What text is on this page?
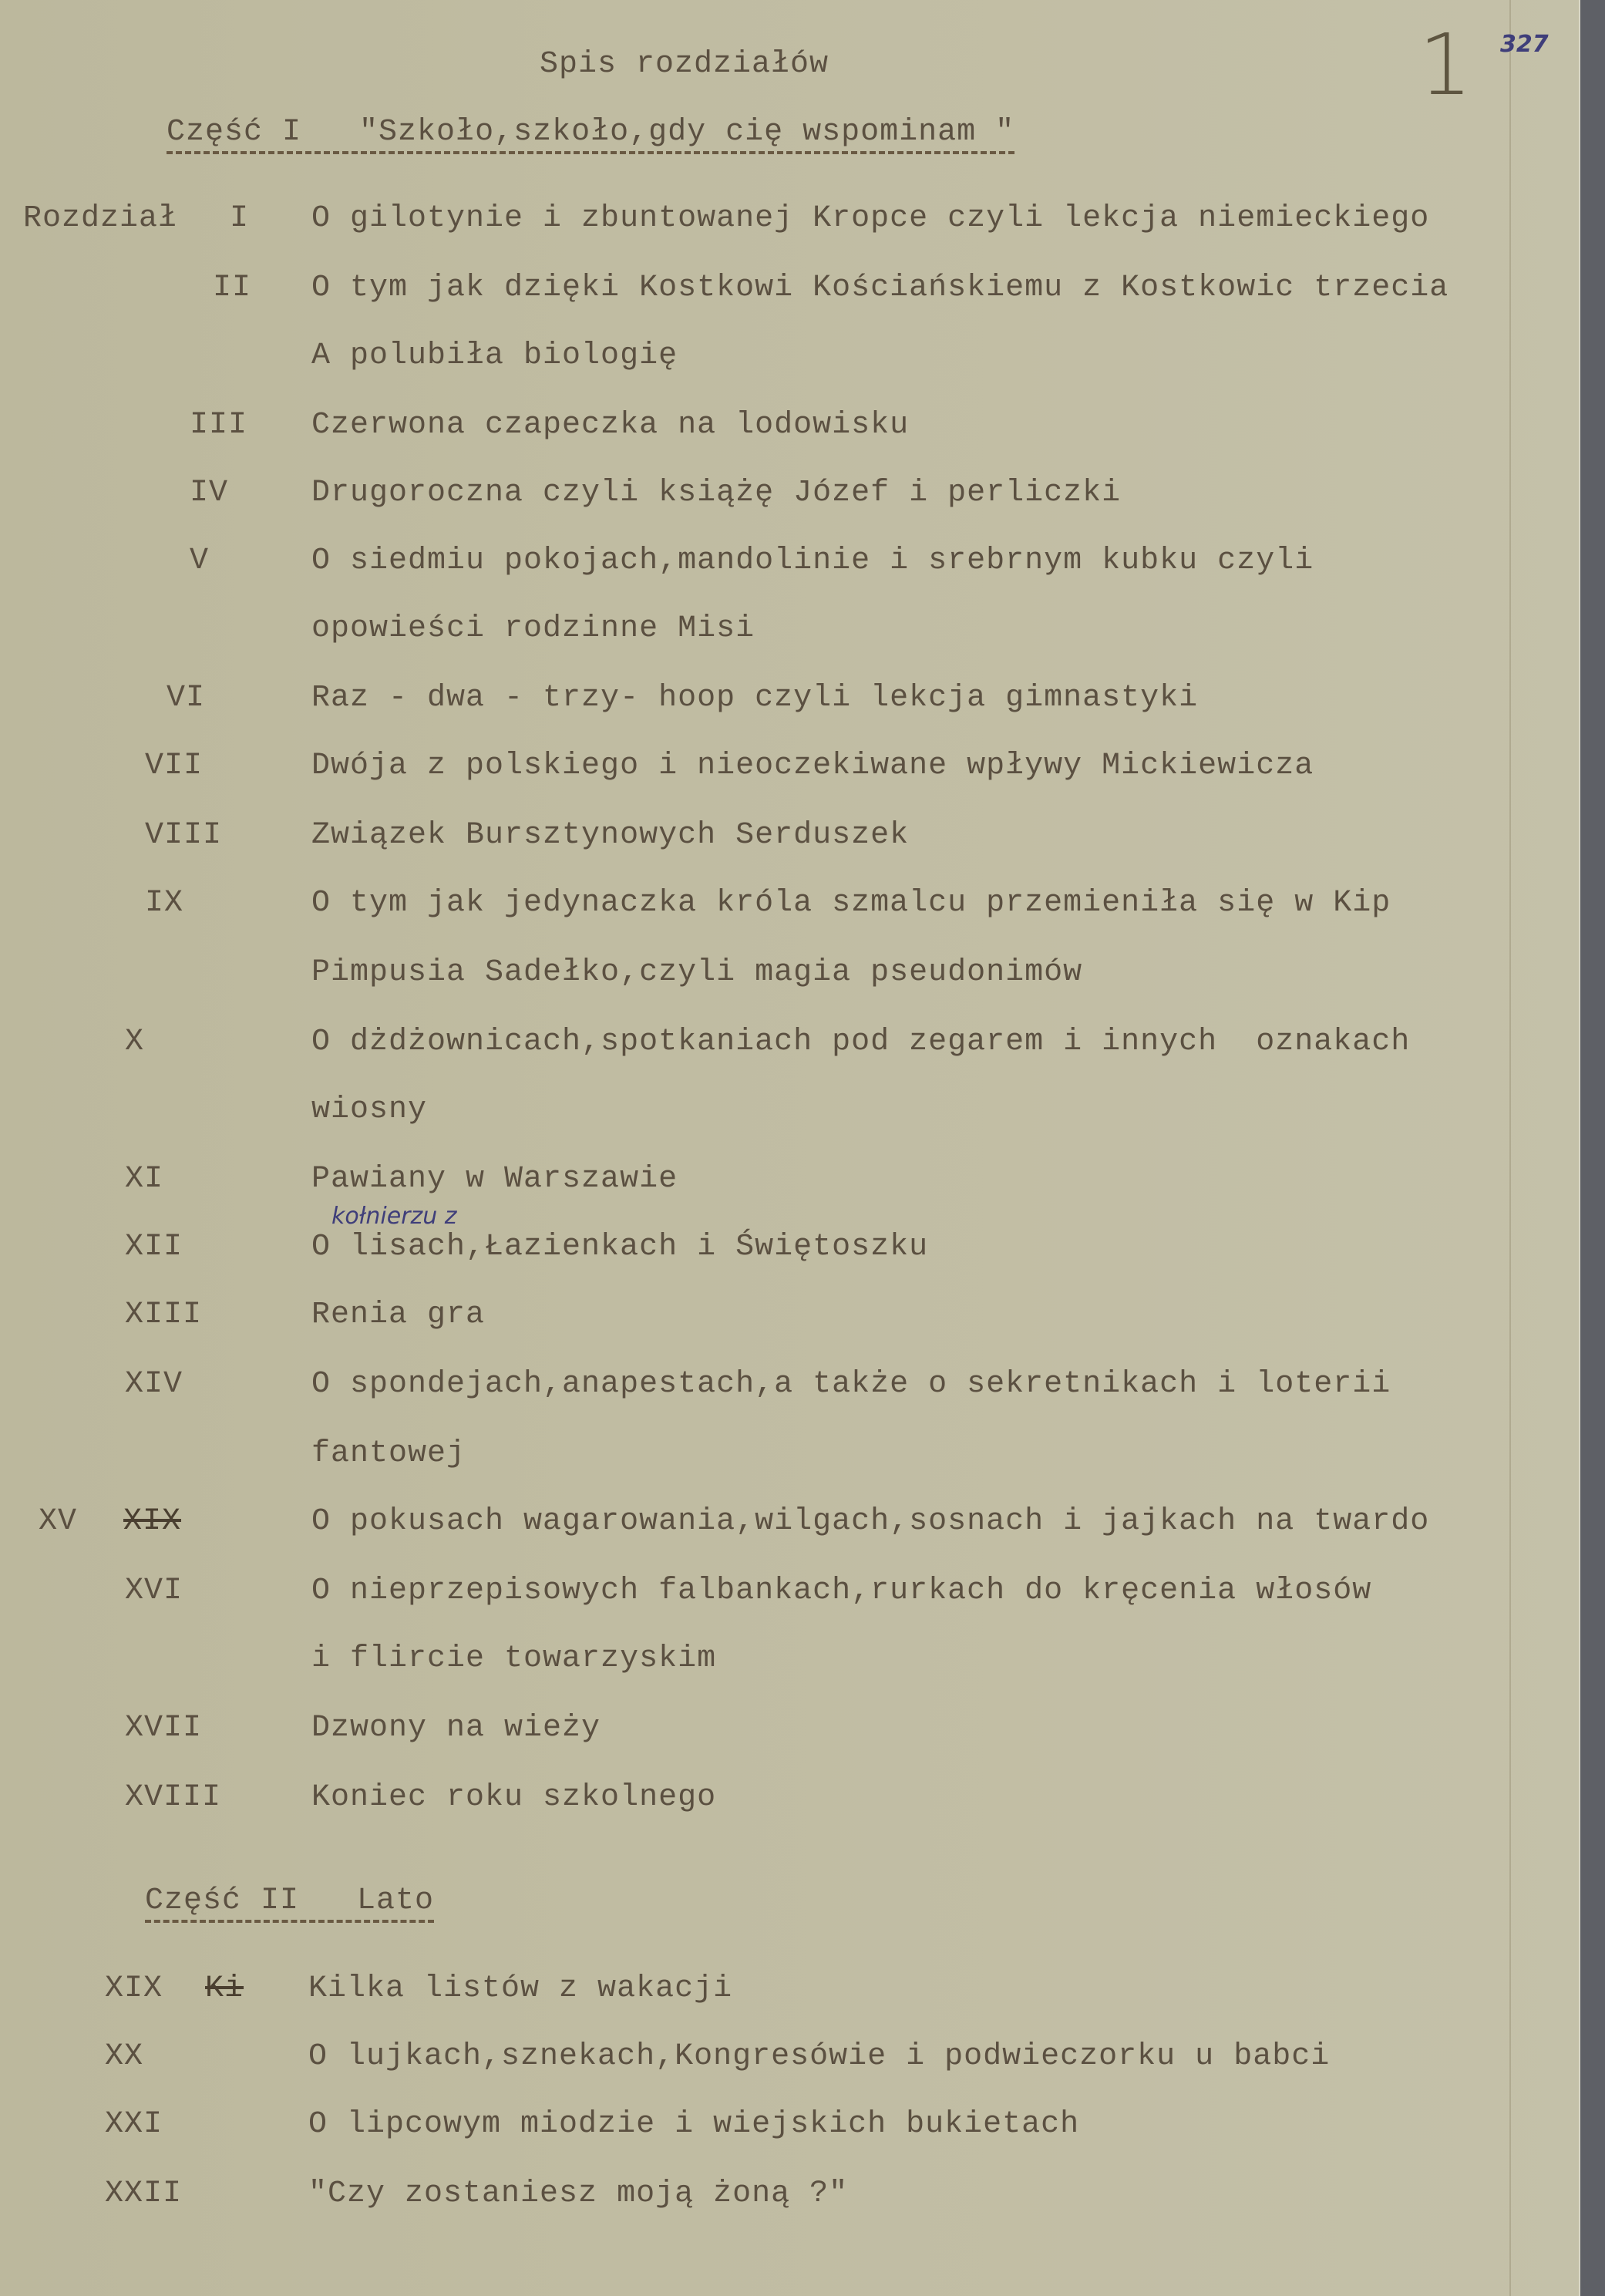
Spis rozdziałów	1 327
Część I   "Szkoło,szkoło,gdy cię wspominam "
Rozdział I O gilotynie i zbuntowanej Kropce czyli lekcja niemieckiego
II O tym jak dzięki Kostkowi Kościańskiemu z Kostkowic trzecia
A polubiła biologię
III Czerwona czapeczka na lodowisku
IV	Drugoroczna czyli książę Józef i perliczki
V	O siedmiu pokojach,mandolinie i srebrnym kubku czyli
opowieści rodzinne Misi
VI	Raz - dwa - trzy- hoop czyli lekcja gimnastyki
VII	Dwója z polskiego i nieoczekiwane wpływy Mickiewicza
VIII	Związek Bursztynowych Serduszek
IX	O tym jak jedynaczka króla szmalcu przemieniła się w Kip
Pimpusia Sadełko,czyli magia pseudonimów
X	O dżdżownicach,spotkaniach pod zegarem i innych  oznakach
wiosny
XI	Pawiany w Warszawie
kołnierzu z
XII	O lisach,Łazienkach i Świętoszku
XIII	Renia gra
XIV	O spondejach,anapestach,a także o sekretnikach i loterii
fantowej
XV XIX	O pokusach wagarowania,wilgach,sosnach i jajkach na twardo
XVI	O nieprzepisowych falbankach,rurkach do kręcenia włosów
i flircie towarzyskim
XVII	Dzwony na wieży
XVIII	Koniec roku szkolnego
Część II   Lato
XIX Ki Kilka listów z wakacji
XX	O lujkach,sznekach,Kongresówie i podwieczorku u babci
XXI	O lipcowym miodzie i wiejskich bukietach
XXII	"Czy zostaniesz moją żoną ?"
